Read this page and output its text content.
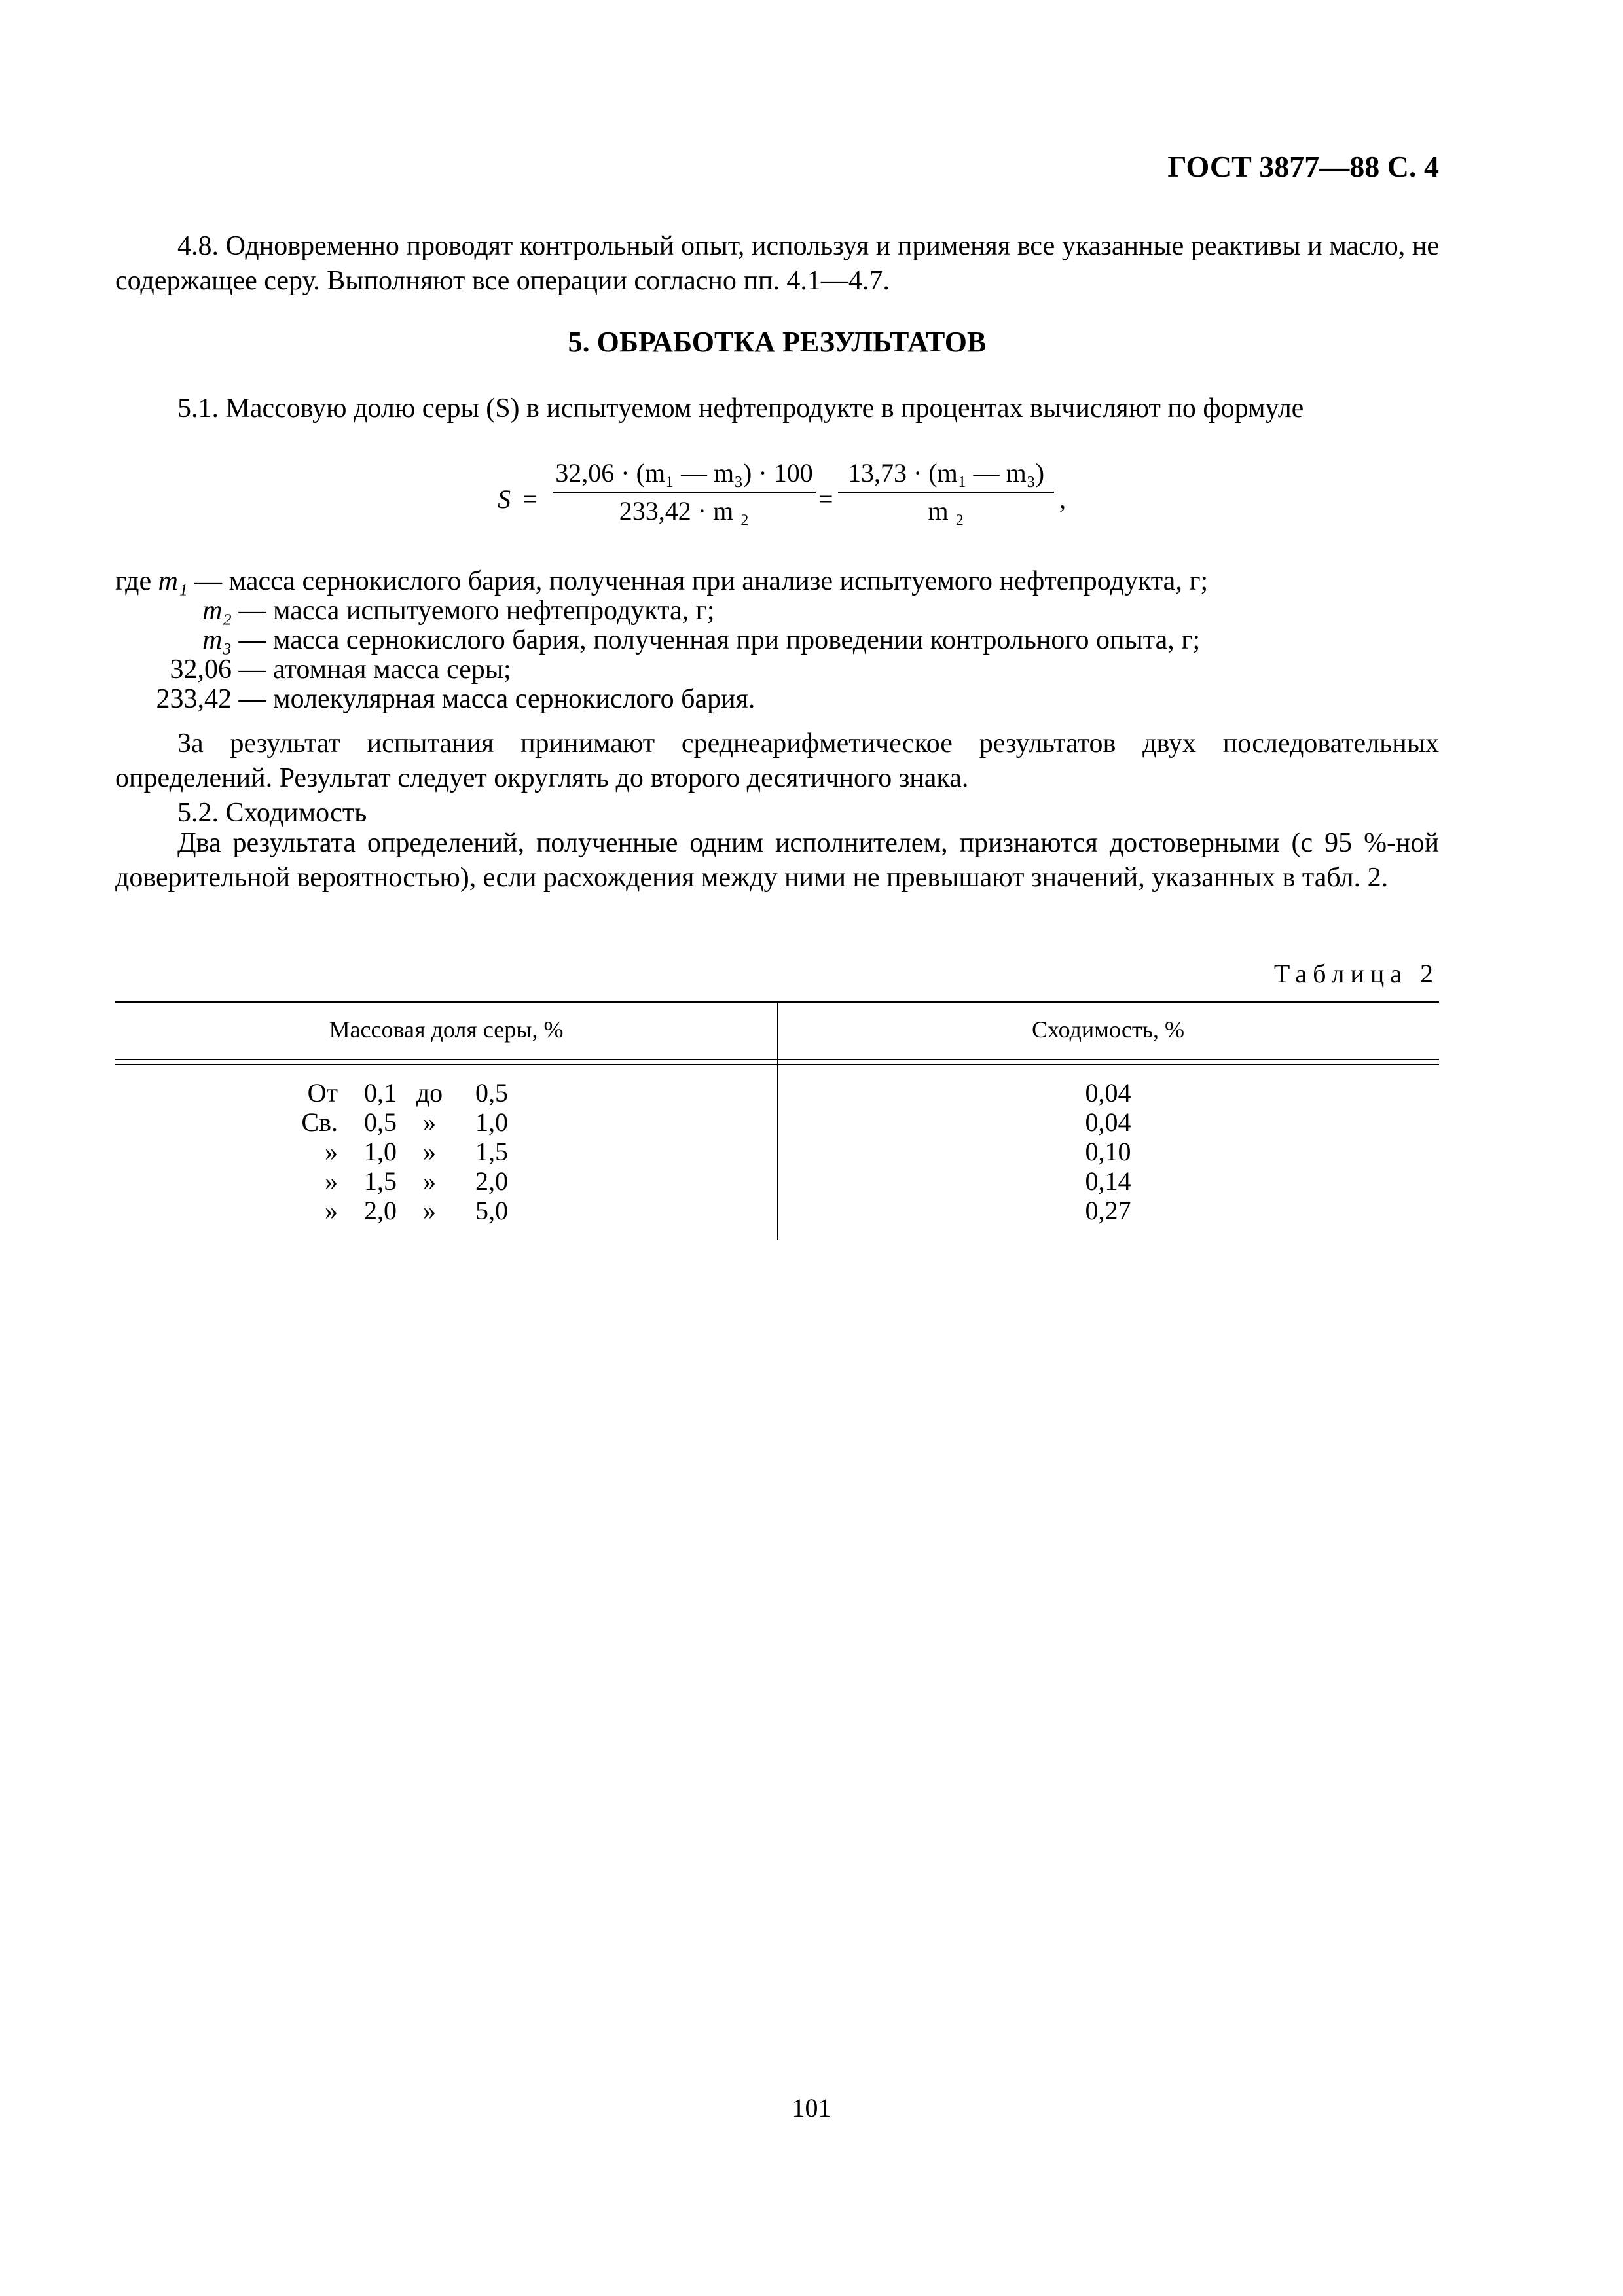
ГОСТ 3877—88 С. 4
4.8. Одновременно проводят контрольный опыт, используя и применяя все указанные реактивы и масло, не содержащее серу. Выполняют все операции согласно пп. 4.1—4.7.
5. ОБРАБОТКА РЕЗУЛЬТАТОВ
5.1. Массовую долю серы (S) в испытуемом нефтепродукте в процентах вычисляют по формуле
S =
32,06 · (m₁ — m₃) · 100
233,42 · m ₂	=
13,73 · (m₁ — m₃)
m ₂	,
где m₁ — масса сернокислого бария, полученная при анализе испытуемого нефтепродукта, г;
m₂ — масса испытуемого нефтепродукта, г;
m₃ — масса сернокислого бария, полученная при проведении контрольного опыта, г;
32,06 — атомная масса серы;
233,42 — молекулярная масса сернокислого бария.
За результат испытания принимают среднеарифметическое результатов двух последовательных определений. Результат следует округлять до второго десятичного знака.
5.2. Сходимость
Два результата определений, полученные одним исполнителем, признаются достоверными (с 95 %-ной доверительной вероятностью), если расхождения между ними не превышают значений, указанных в табл. 2.
Таблица 2
Массовая доля серы, %	Сходимость, %
От	0,1 до	0,5	0,04
Св.	0,5	»	1,0	0,04
»	1,0	»	1,5	0,10
»	1,5	»	2,0	0,14
»	2,0	»	5,0	0,27
101
